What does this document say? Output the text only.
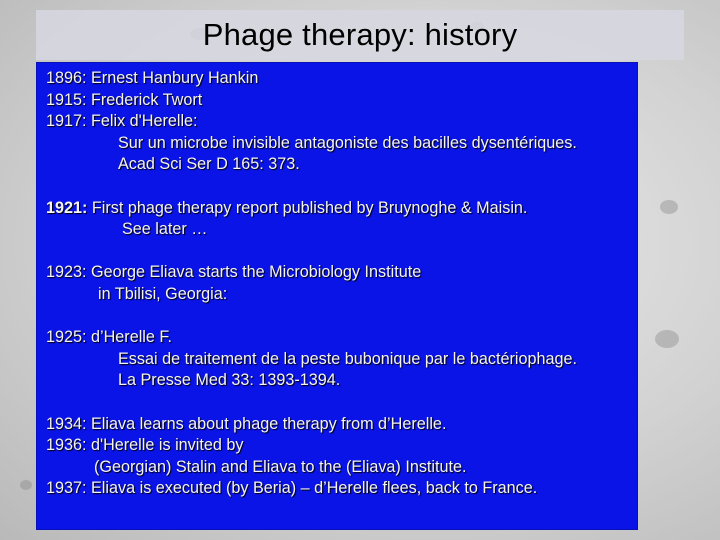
Phage therapy: history
1896: Ernest Hanbury Hankin
1915: Frederick Twort
1917: Felix d'Herelle:
Sur un microbe invisible antagoniste des bacilles dysentériques.
Acad Sci Ser D 165: 373.
1921: First phage therapy report published by Bruynoghe & Maisin.
See later …
1923: George Eliava starts the Microbiology Institute
in Tbilisi, Georgia:
1925: d’Herelle F.
Essai de traitement de la peste bubonique par le bactériophage.
La Presse Med 33: 1393-1394.
1934: Eliava learns about phage therapy from d’Herelle.
1936: d'Herelle is invited by
(Georgian) Stalin and Eliava to the (Eliava) Institute.
1937: Eliava is executed (by Beria) – d’Herelle flees, back to France.
